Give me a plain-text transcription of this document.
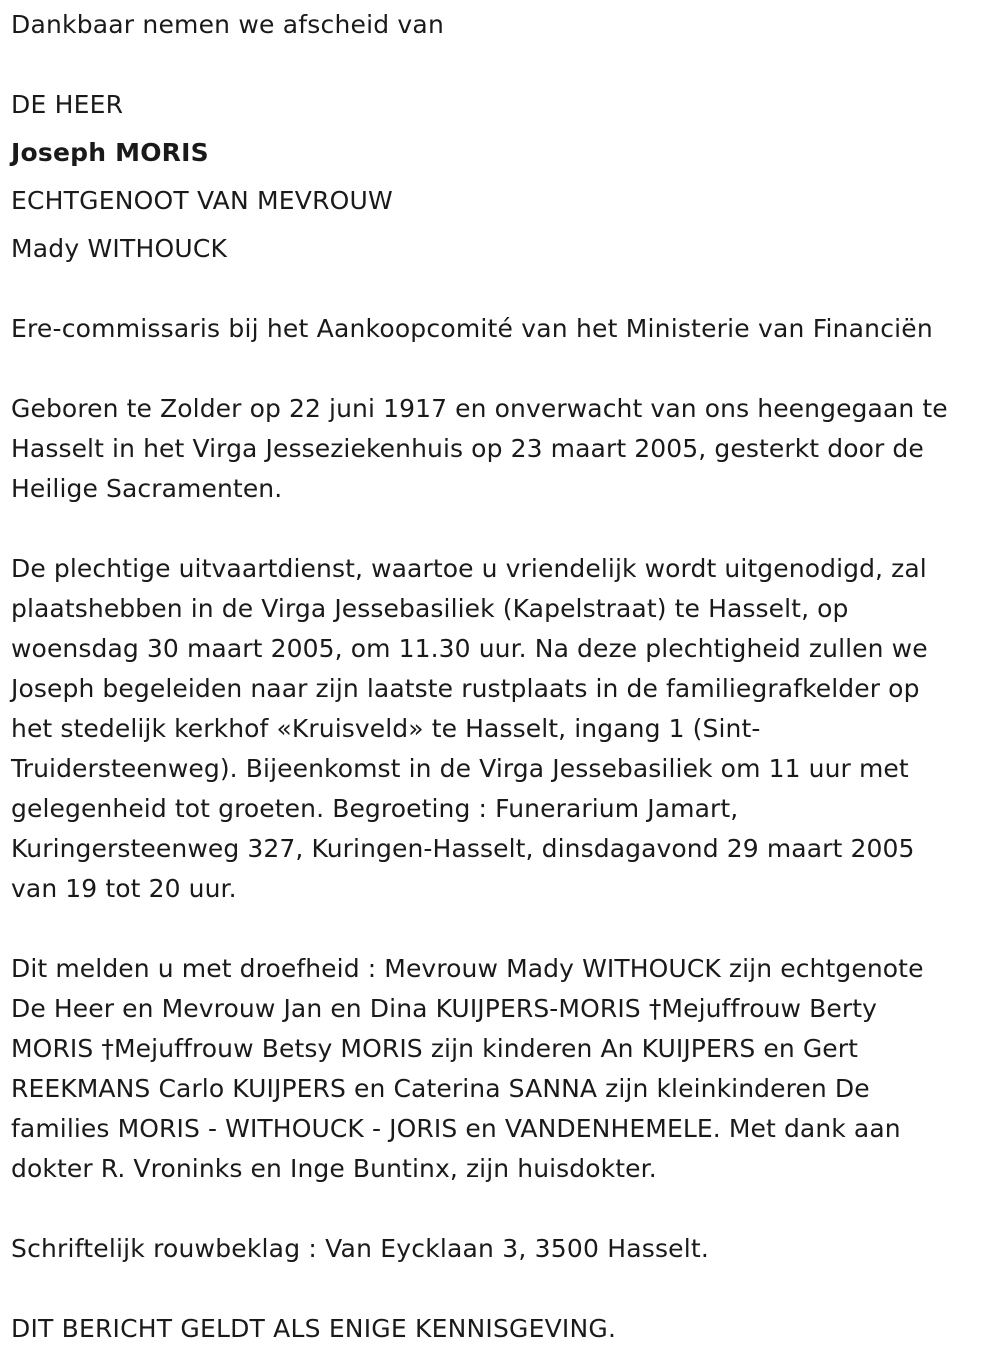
Dankbaar nemen we afscheid van
DE HEER
Joseph MORIS
ECHTGENOOT VAN MEVROUW
Mady WITHOUCK
Ere-commissaris bij het Aankoopcomité van het Ministerie van Financiën
Geboren te Zolder op 22 juni 1917 en onverwacht van ons heengegaan te
Hasselt in het Virga Jesseziekenhuis op 23 maart 2005, gesterkt door de
Heilige Sacramenten.
De plechtige uitvaartdienst, waartoe u vriendelijk wordt uitgenodigd, zal
plaatshebben in de Virga Jessebasiliek (Kapelstraat) te Hasselt, op
woensdag 30 maart 2005, om 11.30 uur. Na deze plechtigheid zullen we
Joseph begeleiden naar zijn laatste rustplaats in de familiegrafkelder op
het stedelijk kerkhof «Kruisveld» te Hasselt, ingang 1 (Sint-
Truidersteenweg). Bijeenkomst in de Virga Jessebasiliek om 11 uur met
gelegenheid tot groeten. Begroeting : Funerarium Jamart,
Kuringersteenweg 327, Kuringen-Hasselt, dinsdagavond 29 maart 2005
van 19 tot 20 uur.
Dit melden u met droefheid : Mevrouw Mady WITHOUCK zijn echtgenote
De Heer en Mevrouw Jan en Dina KUIJPERS-MORIS †Mejuffrouw Berty
MORIS †Mejuffrouw Betsy MORIS zijn kinderen An KUIJPERS en Gert
REEKMANS Carlo KUIJPERS en Caterina SANNA zijn kleinkinderen De
families MORIS - WITHOUCK - JORIS en VANDENHEMELE. Met dank aan
dokter R. Vroninks en Inge Buntinx, zijn huisdokter.
Schriftelijk rouwbeklag : Van Eycklaan 3, 3500 Hasselt.
DIT BERICHT GELDT ALS ENIGE KENNISGEVING.
